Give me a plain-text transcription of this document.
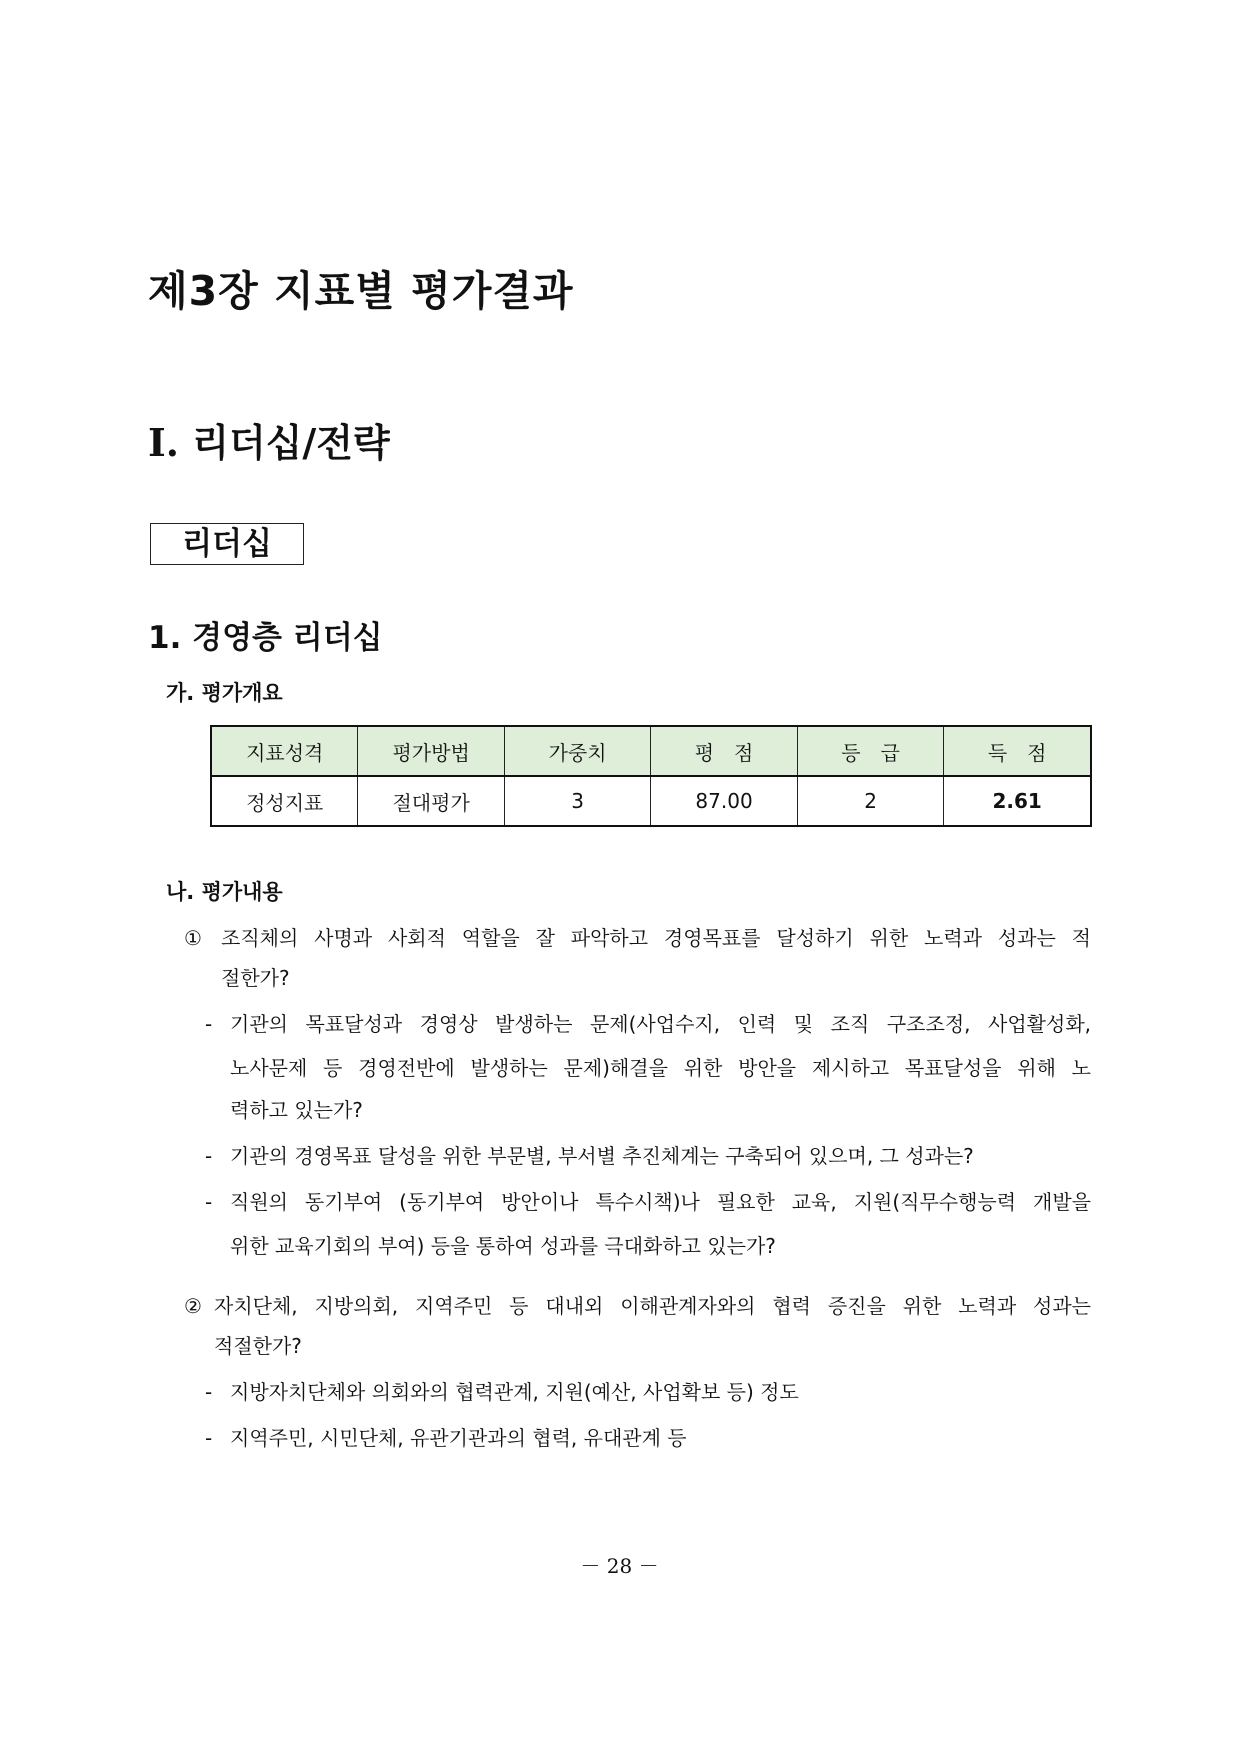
제3장 지표별 평가결과
I. 리더십/전략
리더십
1. 경영층 리더십
가. 평가개요
지표성격	평가방법	가중치	평　점	등　급	득　점
정성지표	절대평가	3	87.00	2	2.61
나. 평가내용
① 조직체의 사명과 사회적 역할을 잘 파악하고 경영목표를 달성하기 위한 노력과 성과는 적
절한가?
- 기관의 목표달성과 경영상 발생하는 문제(사업수지, 인력 및 조직 구조조정, 사업활성화,
노사문제 등 경영전반에 발생하는 문제)해결을 위한 방안을 제시하고 목표달성을 위해 노
력하고 있는가?
- 기관의 경영목표 달성을 위한 부문별, 부서별 추진체계는 구축되어 있으며, 그 성과는?
- 직원의 동기부여 (동기부여 방안이나 특수시책)나 필요한 교육, 지원(직무수행능력 개발을
위한 교육기회의 부여) 등을 통하여 성과를 극대화하고 있는가?
② 자치단체, 지방의회, 지역주민 등 대내외 이해관계자와의 협력 증진을 위한 노력과 성과는
적절한가?
- 지방자치단체와 의회와의 협력관계, 지원(예산, 사업확보 등) 정도
- 지역주민, 시민단체, 유관기관과의 협력, 유대관계 등
－ 28 －
